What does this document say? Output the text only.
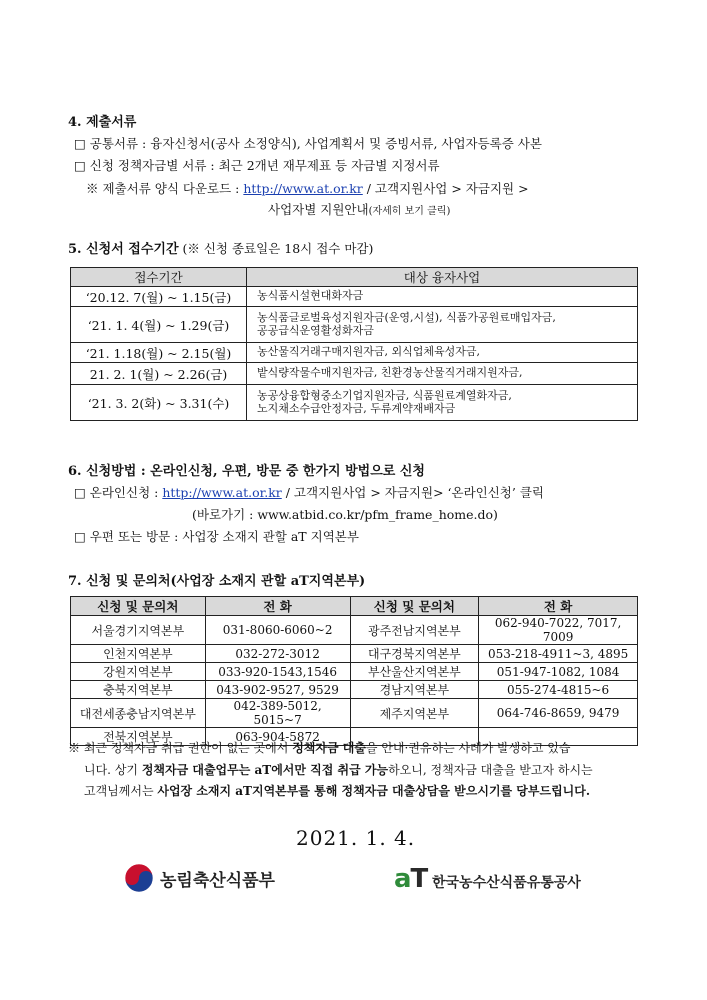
4. 제출서류
□ 공통서류 : 융자신청서(공사 소정양식), 사업계획서 및 증빙서류, 사업자등록증 사본
□ 신청 정책자금별 서류 : 최근 2개년 재무제표 등 자금별 지정서류
※ 제출서류 양식 다운로드 : http://www.at.or.kr / 고객지원사업 > 자금지원 >
사업자별 지원안내(자세히 보기 클릭)
5. 신청서 접수기간 (※ 신청 종료일은 18시 접수 마감)
접수기간	대상 융자사업
‘20.12. 7(월) ~ 1.15(금)	농식품시설현대화자금

‘21. 1. 4(월) ~ 1.29(금)	농식품글로벌육성지원자금(운영,시설), 식품가공원료매입자금,
공공급식운영활성화자금

‘21. 1.18(월) ~ 2.15(월)	농산물직거래구매지원자금, 외식업체육성자금,

21. 2. 1(월) ~ 2.26(금)	밭식량작물수매지원자금, 친환경농산물직거래지원자금,

‘21. 3. 2(화) ~ 3.31(수)	농공상융합형중소기업지원자금, 식품원료계열화자금,
노지채소수급안정자금, 두류계약재배자금
6. 신청방법 : 온라인신청, 우편, 방문 중 한가지 방법으로 신청
□ 온라인신청 : http://www.at.or.kr / 고객지원사업 > 자금지원> ‘온라인신청’ 클릭
(바로가기 : www.atbid.co.kr/pfm_frame_home.do)
□ 우편 또는 방문 : 사업장 소재지 관할 aT 지역본부
7. 신청 및 문의처(사업장 소재지 관할 aT지역본부)
신청 및 문의처	전 화	신청 및 문의처	전 화
서울경기지역본부	031-8060-6060~2	광주전남지역본부	062-940-7022, 7017, 7009
인천지역본부	032-272-3012	대구경북지역본부	053-218-4911~3, 4895
강원지역본부	033-920-1543,1546	부산울산지역본부	051-947-1082, 1084
충북지역본부	043-902-9527, 9529	경남지역본부	055-274-4815~6
대전세종충남지역본부	042-389-5012, 5015~7	제주지역본부	064-746-8659, 9479
전북지역본부	063-904-5872		
※ 최근 정책자금 취급 권한이 없는 곳에서 정책자금 대출을 안내·권유하는 사례가 발생하고 있습
니다. 상기 정책자금 대출업무는 aT에서만 직접 취급 가능하오니, 정책자금 대출을 받고자 하시는
고객님께서는 사업장 소재지 aT지역본부를 통해 정책자금 대출상담을 받으시기를 당부드립니다.
2021. 1. 4.
농림축산식품부	aT 한국농수산식품유통공사
